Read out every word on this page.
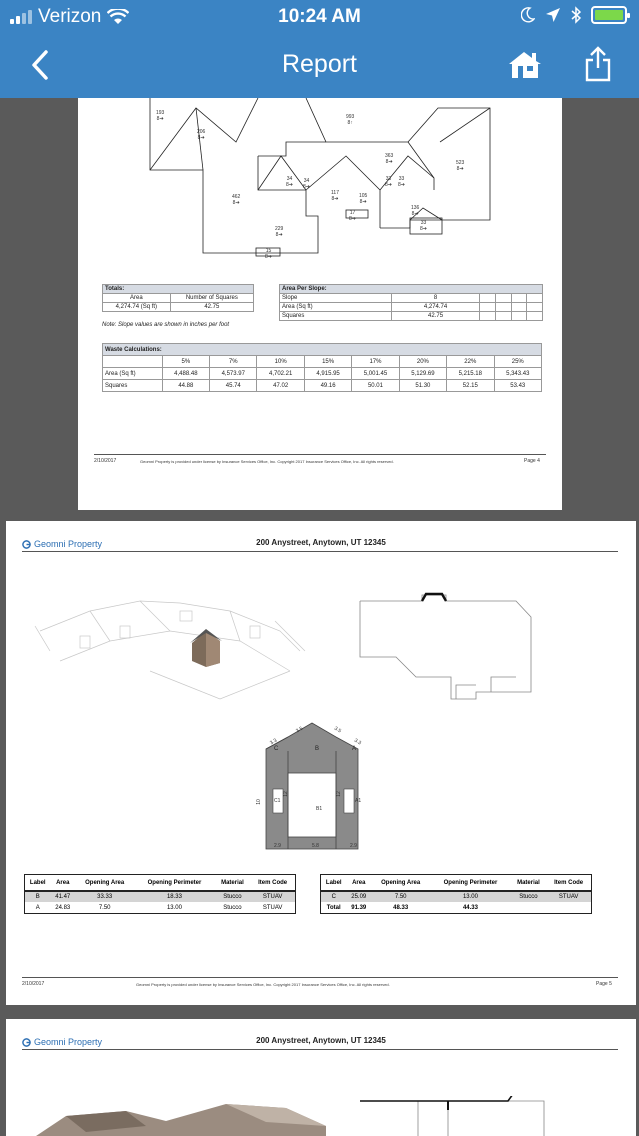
Verizon	10:24 AM
Report
193
8➔
206
8➔
993
8↑
363
8➔	523
8➔
462
8➔
34
8➔
34
8➔
117
8➔	105
8➔
33
8➔
33
8➔
17
8➔
136
8➔
33
8➔
229
8➔
15
8➔
Totals:	
Area	Number of Squares
4,274.74 (Sq ft)	42.75
Note: Slope values are shown in inches per foot
Area Per Slope:					
Slope	8				
Area (Sq ft)	4,274.74				
Squares	42.75				
Waste Calculations:								
	5%	7%	10%	15%	17%	20%	22%	25%
Area (Sq ft)	4,488.48	4,573.97	4,702.21	4,915.95	5,001.45	5,129.69	5,215.18	5,343.43
Squares	44.88	45.74	47.02	49.16	50.01	51.30	52.15	53.43
2/10/2017	Geomni Property is provided under license by Insurance Services Office, Inc. Copyright 2017 Insurance Services Office, Inc. All rights reserved.	Page 4
Geomni Property	200 Anystreet, Anytown, UT 12345
C	B	A
C1
B1
A1
3.3
3.5	3.5
3.3
10
12	12
2.9	5.8	2.9
Label	Area	Opening Area	Opening Perimeter	Material	Item Code
B	41.47	33.33	18.33	Stucco	STUAV
A	24.83	7.50	13.00	Stucco	STUAV
Label	Area	Opening Area	Opening Perimeter	Material	Item Code
C	25.09	7.50	13.00	Stucco	STUAV
Total	91.39	48.33	44.33		
2/10/2017	Geomni Property is provided under license by Insurance Services Office, Inc. Copyright 2017 Insurance Services Office, Inc. All rights reserved.	Page 5
Geomni Property	200 Anystreet, Anytown, UT 12345
